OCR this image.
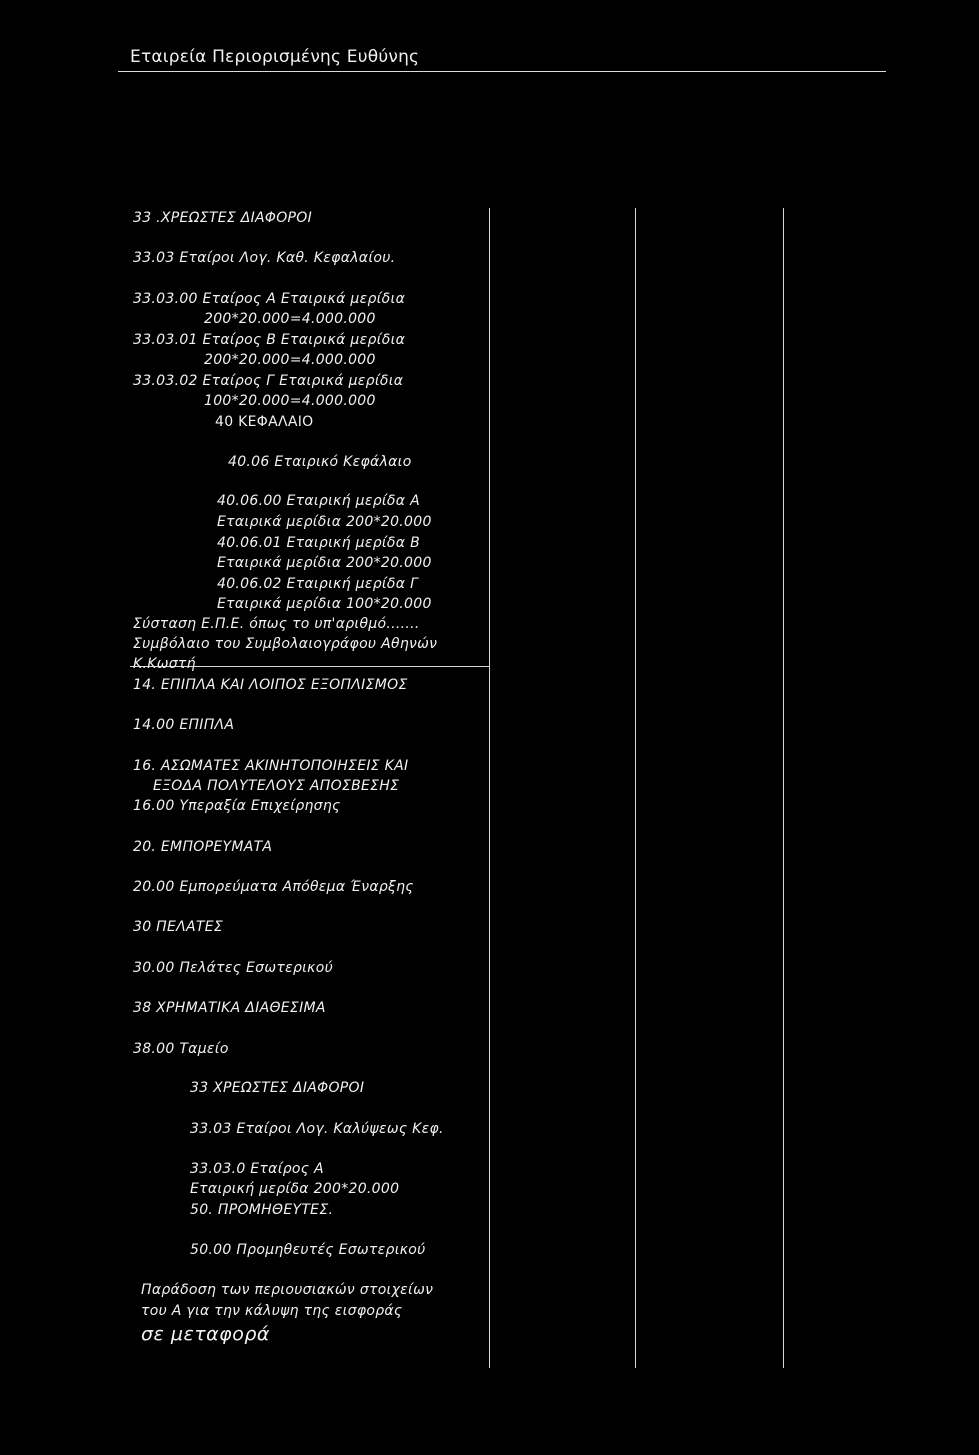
Εταιρεία Περιορισμένης Ευθύνης
33 .ΧΡΕΩΣΤΕΣ ΔΙΑΦΟΡΟΙ
33.03 Εταίροι Λογ. Καθ. Κεφαλαίου.
33.03.00 Εταίρος Α Εταιρικά μερίδια
200*20.000=4.000.000
33.03.01 Εταίρος Β Εταιρικά μερίδια
200*20.000=4.000.000
33.03.02 Εταίρος Γ Εταιρικά μερίδια
100*20.000=4.000.000
40 ΚΕΦΑΛΑΙΟ
40.06 Εταιρικό Κεφάλαιο
40.06.00 Εταιρική μερίδα Α
Εταιρικά μερίδια 200*20.000
40.06.01 Εταιρική μερίδα Β
Εταιρικά μερίδια 200*20.000
40.06.02 Εταιρική μερίδα Γ
Εταιρικά μερίδια 100*20.000
Σύσταση Ε.Π.Ε. όπως το υπ'αριθμό.......
Συμβόλαιο του Συμβολαιογράφου Αθηνών
Κ.Κωστή
14. ΕΠΙΠΛΑ ΚΑΙ ΛΟΙΠΟΣ ΕΞΟΠΛΙΣΜΟΣ
14.00 ΕΠΙΠΛΑ
16. ΑΣΩΜΑΤΕΣ ΑΚΙΝΗΤΟΠΟΙΗΣΕΙΣ ΚΑΙ
ΕΞΟΔΑ ΠΟΛΥΤΕΛΟΥΣ ΑΠΟΣΒΕΣΗΣ
16.00 Υπεραξία Επιχείρησης
20. ΕΜΠΟΡΕΥΜΑΤΑ
20.00 Εμπορεύματα Απόθεμα Έναρξης
30 ΠΕΛΑΤΕΣ
30.00 Πελάτες Εσωτερικού
38 ΧΡΗΜΑΤΙΚΑ ΔΙΑΘΕΣΙΜΑ
38.00 Ταμείο
33 ΧΡΕΩΣΤΕΣ ΔΙΑΦΟΡΟΙ
33.03 Εταίροι Λογ. Καλύψεως Κεφ.
33.03.0 Εταίρος Α
Εταιρική μερίδα 200*20.000
50. ΠΡΟΜΗΘΕΥΤΕΣ.
50.00 Προμηθευτές Εσωτερικού
Παράδοση των περιουσιακών στοιχείων
του Α για την κάλυψη της εισφοράς
σε μεταφορά
